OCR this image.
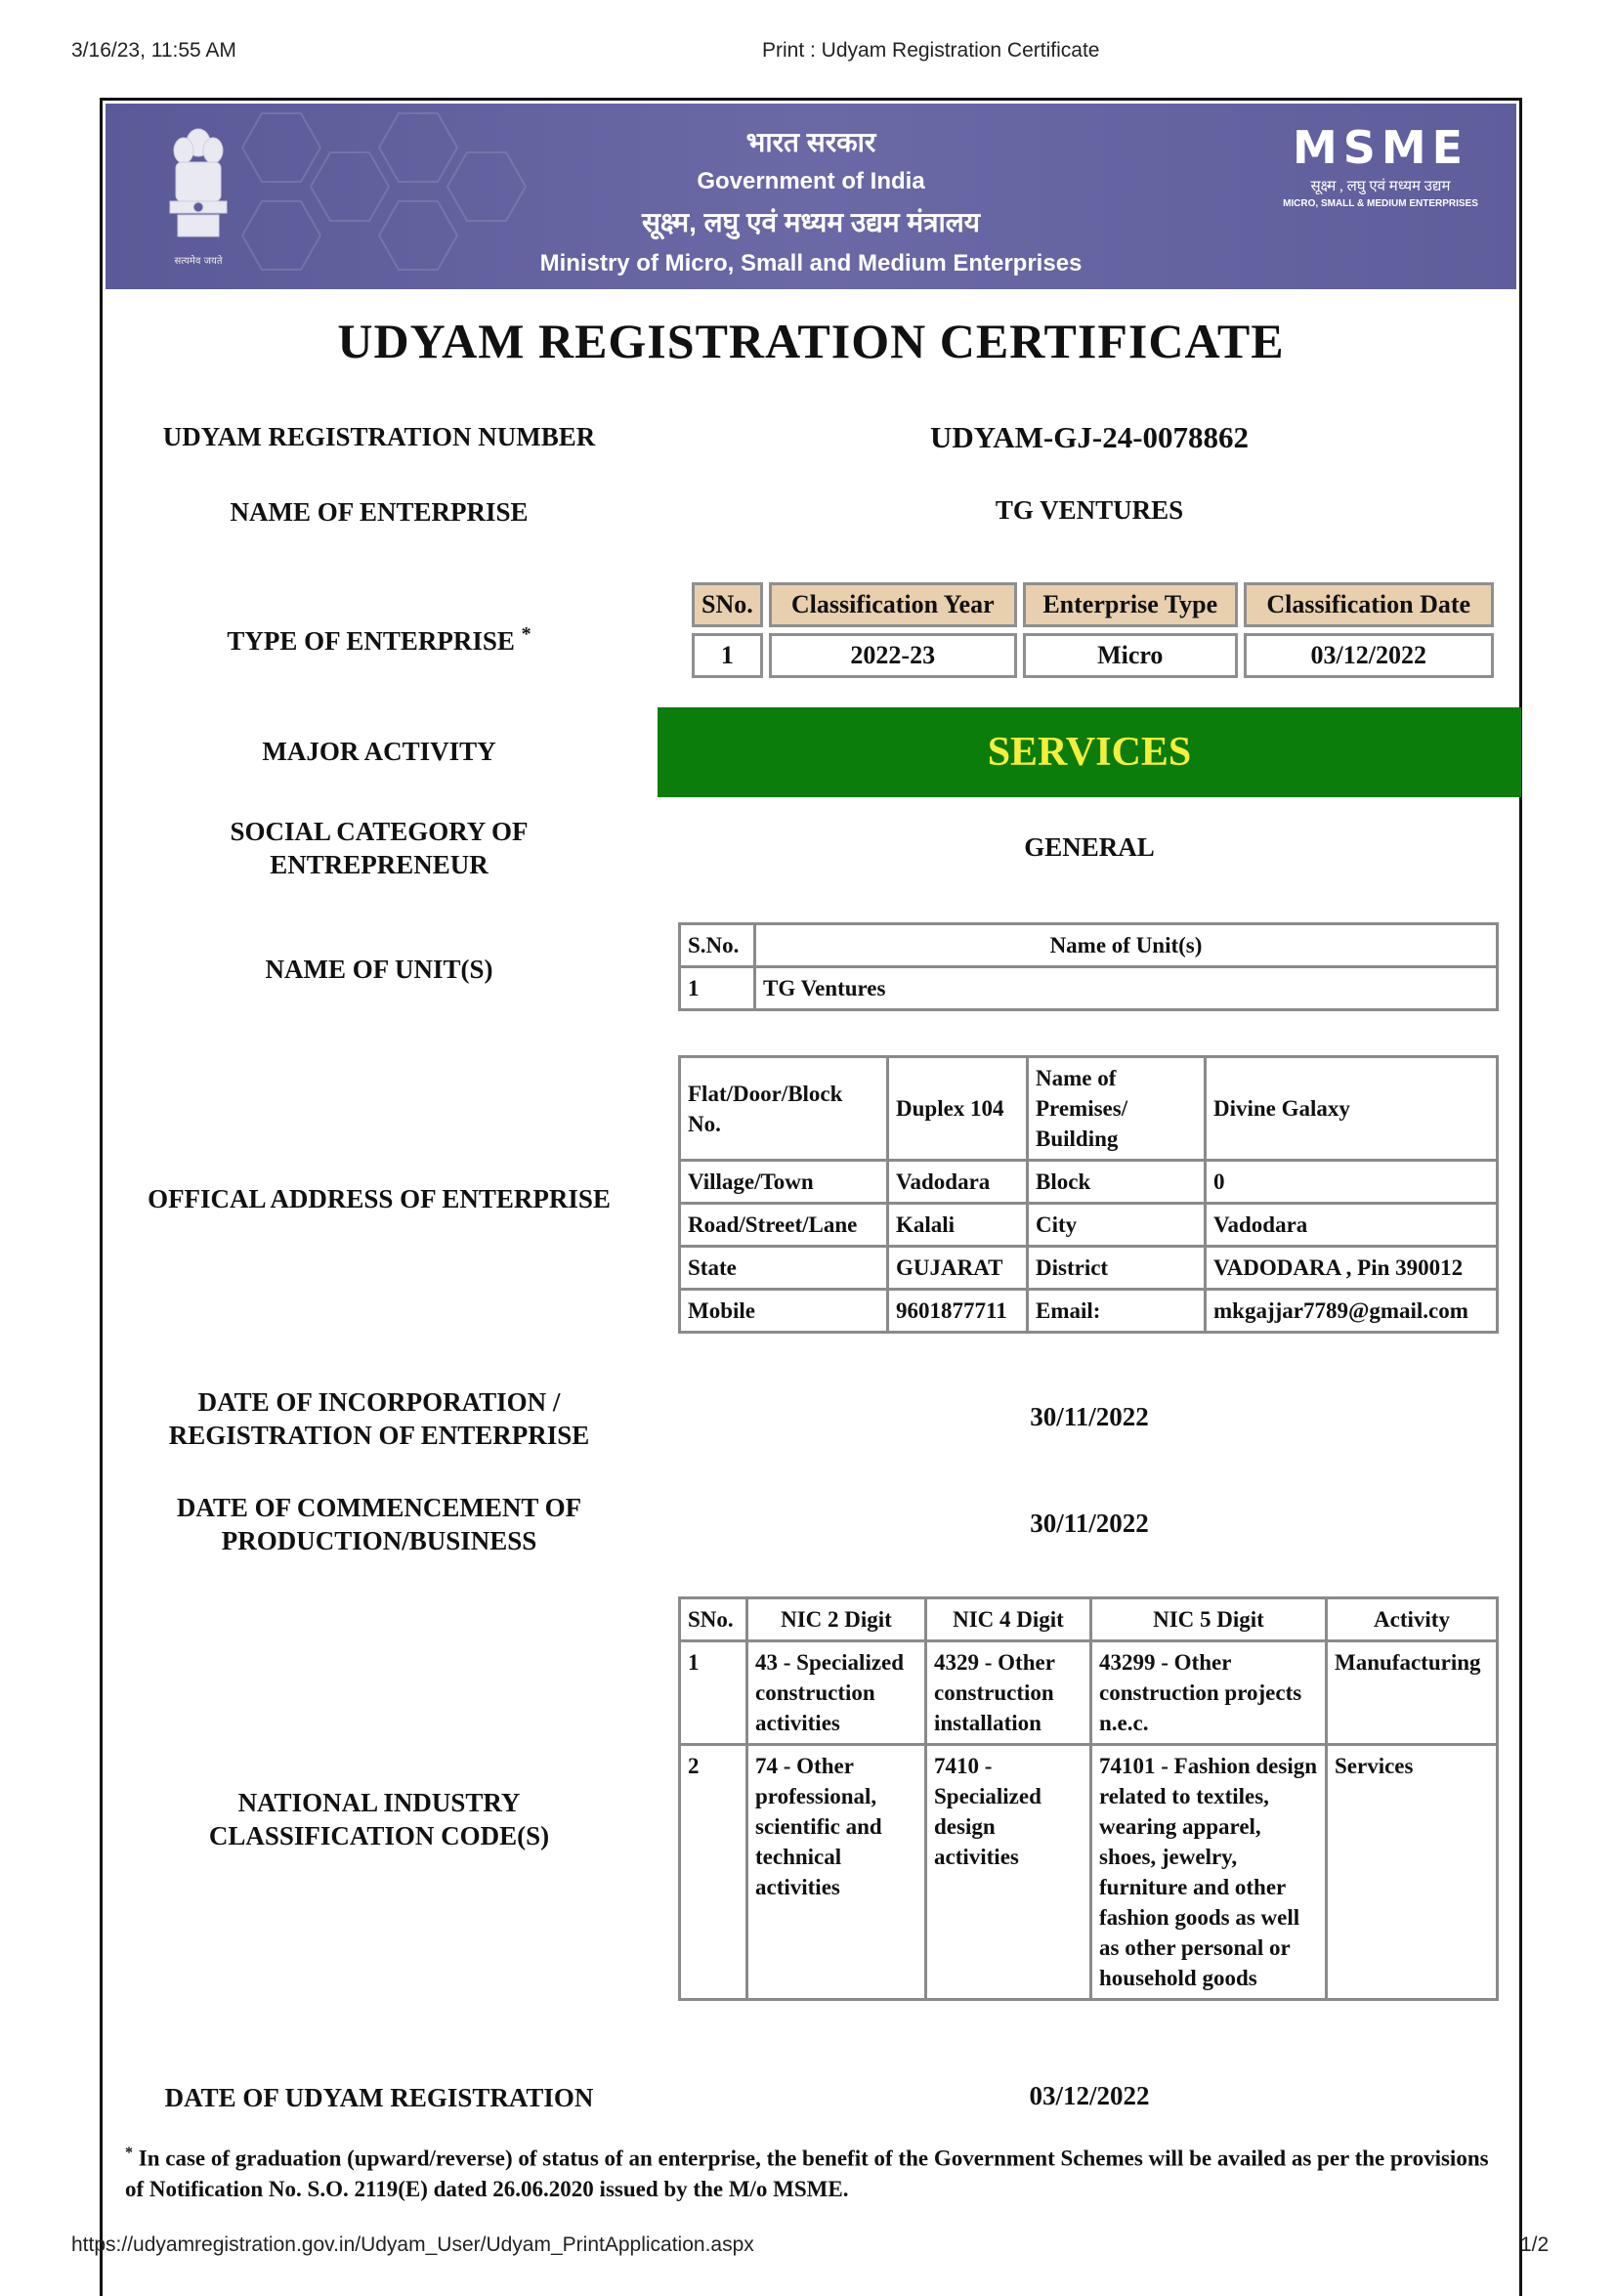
3/16/23, 11:55 AM	Print : Udyam Registration Certificate
सत्यमेव जयते
भारत सरकार
Government of India
सूक्ष्म, लघु एवं मध्यम उद्यम मंत्रालय
Ministry of Micro, Small and Medium Enterprises
MSME
सूक्ष्म , लघु एवं मध्यम उद्यम
MICRO, SMALL & MEDIUM ENTERPRISES
UDYAM REGISTRATION CERTIFICATE
UDYAM REGISTRATION NUMBER	UDYAM-GJ-24-0078862
NAME OF ENTERPRISE	TG VENTURES
TYPE OF ENTERPRISE *
SNo.	Classification Year	Enterprise Type	Classification Date
1	2022-23	Micro	03/12/2022
MAJOR ACTIVITY	SERVICES
SOCIAL CATEGORY OF
ENTREPRENEUR
GENERAL
NAME OF UNIT(S)
S.No.	Name of Unit(s)
1	TG Ventures
OFFICAL ADDRESS OF ENTERPRISE
Flat/Door/Block No.	Duplex 104	Name of Premises/ Building	Divine Galaxy
Village/Town	Vadodara	Block	0
Road/Street/Lane	Kalali	City	Vadodara
State	GUJARAT	District	VADODARA , Pin 390012
Mobile	9601877711	Email:	mkgajjar7789@gmail.com
DATE OF INCORPORATION /
REGISTRATION OF ENTERPRISE
30/11/2022
DATE OF COMMENCEMENT OF
PRODUCTION/BUSINESS
30/11/2022
NATIONAL INDUSTRY
CLASSIFICATION CODE(S)
SNo.	NIC 2 Digit	NIC 4 Digit	NIC 5 Digit	Activity
1	43 - Specialized construction activities	4329 - Other construction installation	43299 - Other construction projects n.e.c.	Manufacturing
2	74 - Other professional, scientific and technical activities	7410 - Specialized design activities	74101 - Fashion design related to textiles, wearing apparel, shoes, jewelry, furniture and other fashion goods as well as other personal or household goods	Services
DATE OF UDYAM REGISTRATION	03/12/2022
* In case of graduation (upward/reverse) of status of an enterprise, the benefit of the Government Schemes will be availed as per the provisions of Notification No. S.O. 2119(E) dated 26.06.2020 issued by the M/o MSME.
https://udyamregistration.gov.in/Udyam_User/Udyam_PrintApplication.aspx	1/2
